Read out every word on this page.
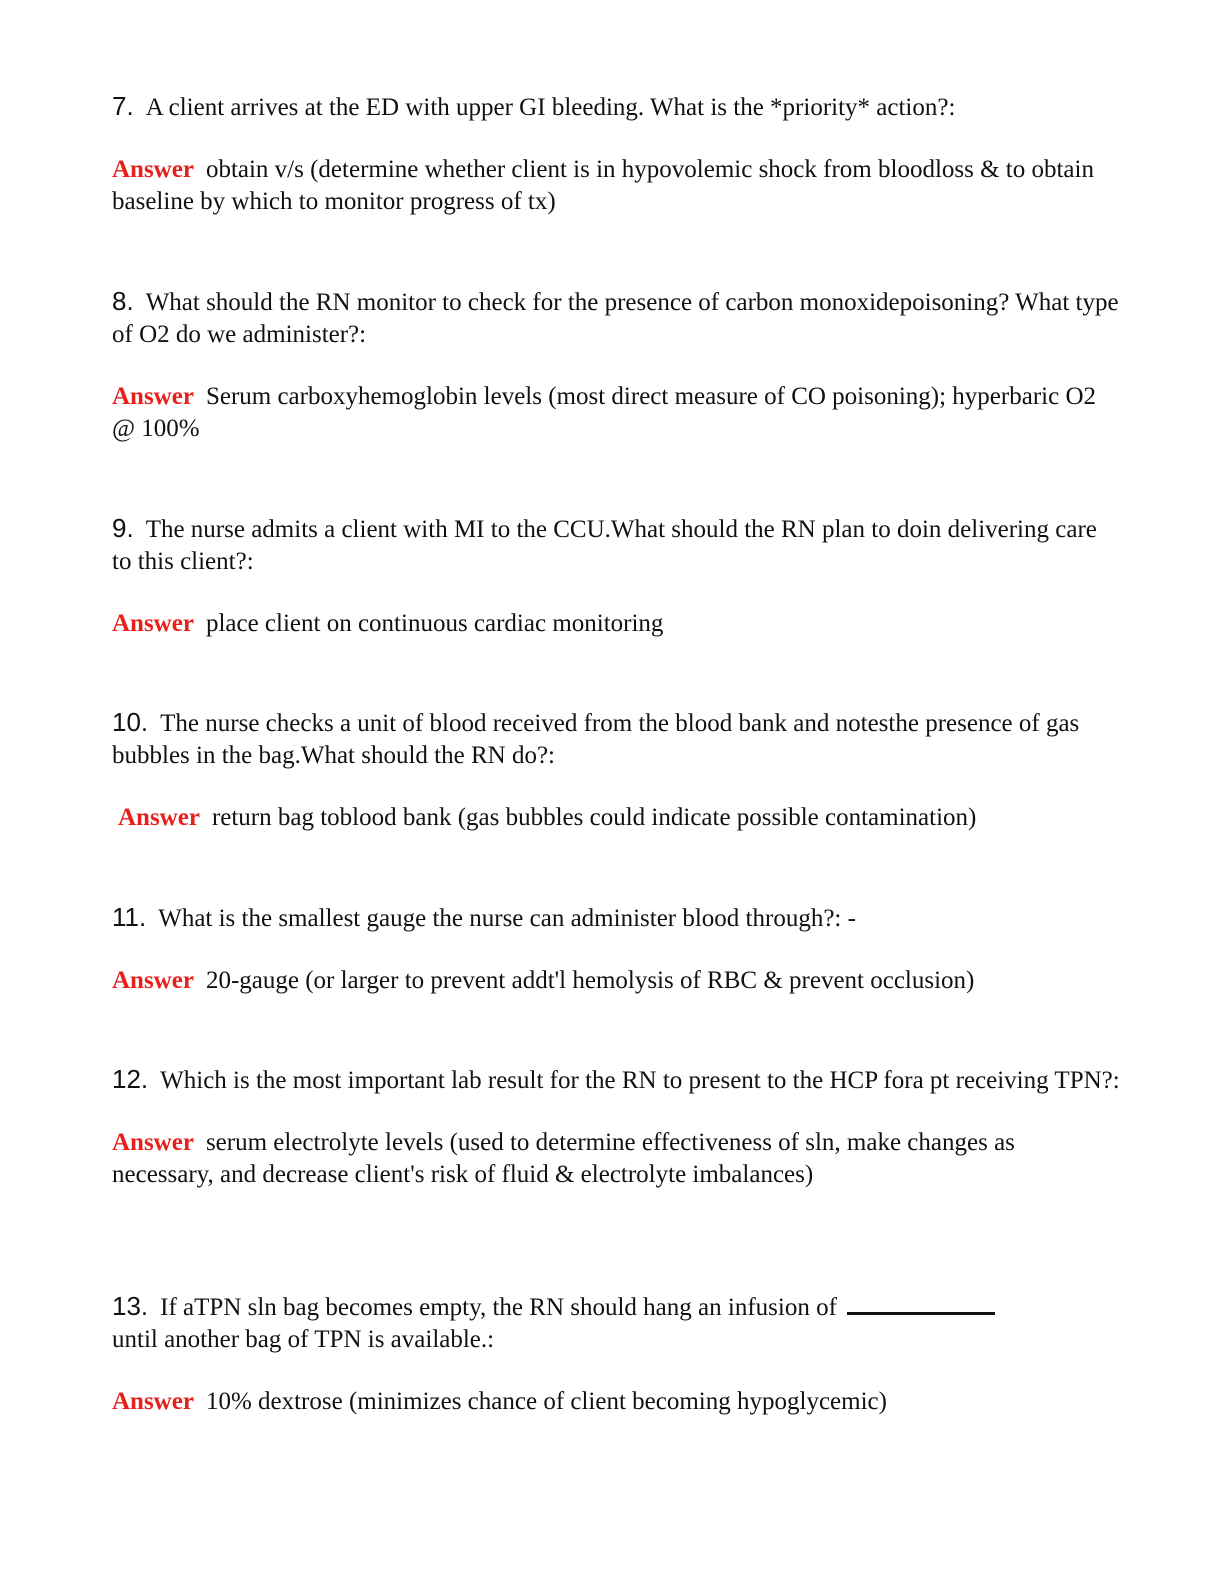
7. A client arrives at the ED with upper GI bleeding. What is the *priority* action?:

Answer obtain v/s (determine whether client is in hypovolemic shock from bloodloss & to obtain baseline by which to monitor progress of tx)

8. What should the RN monitor to check for the presence of carbon monoxidepoisoning? What type of O2 do we administer?:

Answer Serum carboxyhemoglobin levels (most direct measure of CO poisoning); hyperbaric O2 @ 100%

9. The nurse admits a client with MI to the CCU.What should the RN plan to doin delivering care to this client?:

Answer place client on continuous cardiac monitoring

10. The nurse checks a unit of blood received from the blood bank and notesthe presence of gas bubbles in the bag.What should the RN do?:

Answer return bag toblood bank (gas bubbles could indicate possible contamination)

11. What is the smallest gauge the nurse can administer blood through?: -

Answer 20-gauge (or larger to prevent addt'l hemolysis of RBC & prevent occlusion)

12. Which is the most important lab result for the RN to present to the HCP fora pt receiving TPN?:

Answer serum electrolyte levels (used to determine effectiveness of sln, make changes as necessary, and decrease client's risk of fluid & electrolyte imbalances)

13. If aTPN sln bag becomes empty, the RN should hang an infusion of
until another bag of TPN is available.:

Answer 10% dextrose (minimizes chance of client becoming hypoglycemic)
